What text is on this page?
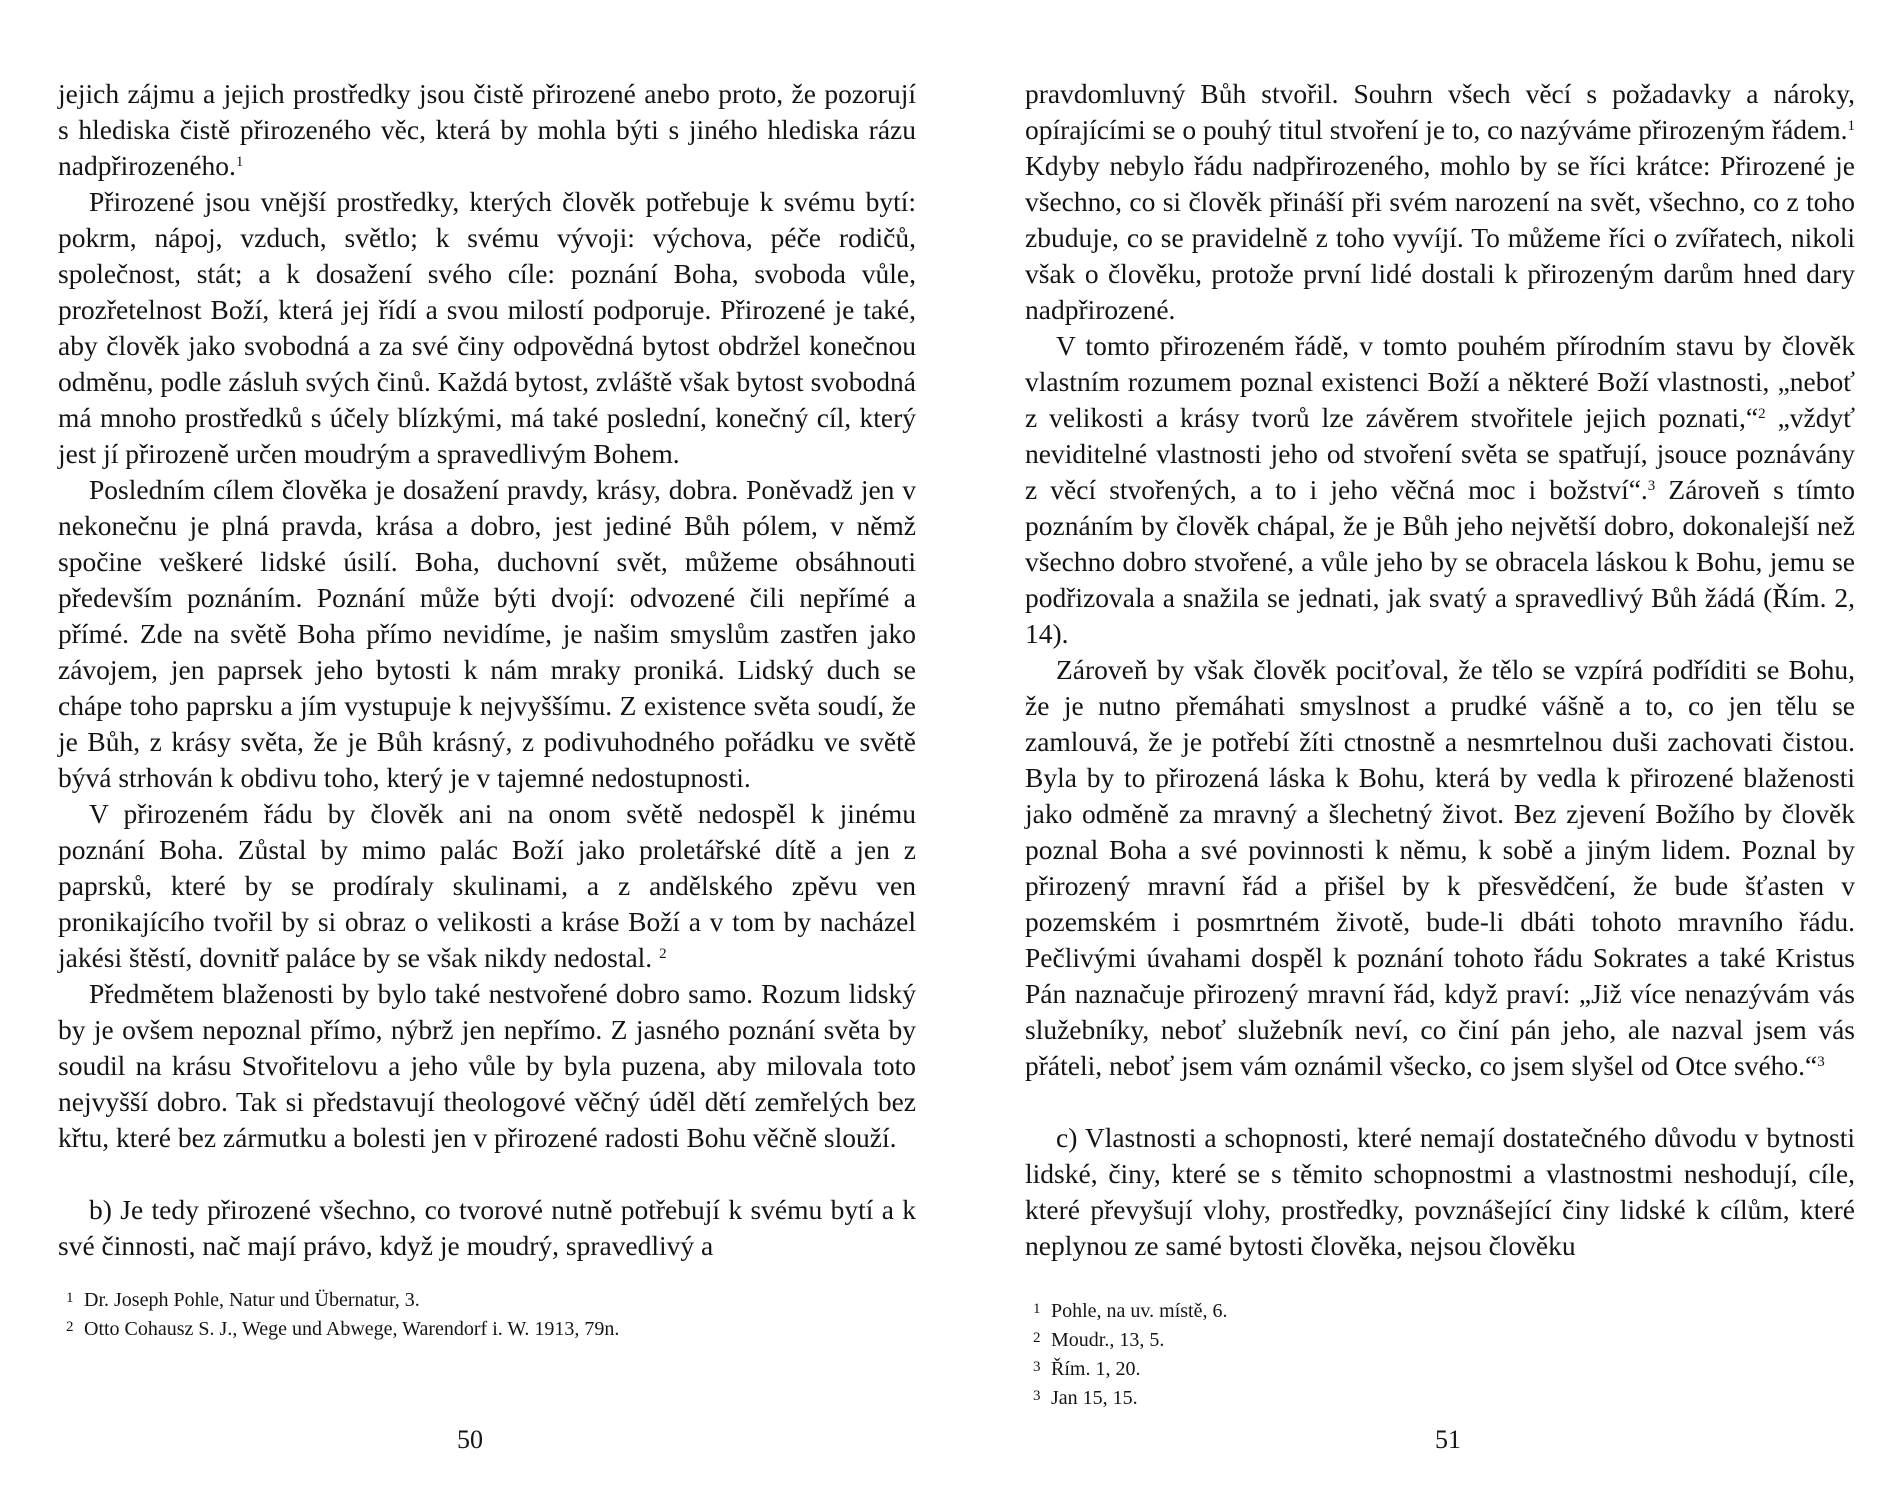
jejich zájmu a jejich prostředky jsou čistě přirozené anebo proto, že pozorují s hlediska čistě přirozeného věc, která by mohla býti s jiného hlediska rázu nadpřirozeného.$^1$

Přirozené jsou vnější prostředky, kterých člověk potřebuje k svému bytí: pokrm, nápoj, vzduch, světlo; k svému vývoji: výchova, péče rodičů, společnost, stát; a k dosažení svého cíle: poznání Boha, svoboda vůle, prozřetelnost Boží, která jej řídí a svou milostí podporuje. Přirozené je také, aby člověk jako svobodná a za své činy odpovědná bytost obdržel konečnou odměnu, podle zásluh svých činů. Každá bytost, zvláště však bytost svobodná má mnoho prostředků s účely blízkými, má také poslední, konečný cíl, který jest jí přirozeně určen moudrým a spravedlivým Bohem.

Posledním cílem člověka je dosažení pravdy, krásy, dobra. Poněvadž jen v nekonečnu je plná pravda, krása a dobro, jest jediné Bůh pólem, v němž spočine veškeré lidské úsilí. Boha, duchovní svět, můžeme obsáhnouti především poznáním. Poznání může býti dvojí: odvozené čili nepřímé a přímé. Zde na světě Boha přímo nevidíme, je našim smyslům zastřen jako závojem, jen paprsek jeho bytosti k nám mraky proniká. Lidský duch se chápe toho paprsku a jím vystupuje k nejvyššímu. Z existence světa soudí, že je Bůh, z krásy světa, že je Bůh krásný, z podivuhodného pořádku ve světě bývá strhován k obdivu toho, který je v tajemné nedostupnosti.

V přirozeném řádu by člověk ani na onom světě nedospěl k jinému poznání Boha. Zůstal by mimo palác Boží jako proletářské dítě a jen z paprsků, které by se prodíraly skulinami, a z andělského zpěvu ven pronikajícího tvořil by si obraz o velikosti a kráse Boží a v tom by nacházel jakési štěstí, dovnitř paláce by se však nikdy nedostal. $^2$

Předmětem blaženosti by bylo také nestvořené dobro samo. Rozum lidský by je ovšem nepoznal přímo, nýbrž jen nepřímo. Z jasného poznání světa by soudil na krásu Stvořitelovu a jeho vůle by byla puzena, aby milovala toto nejvyšší dobro. Tak si představují theologové věčný úděl dětí zemřelých bez křtu, které bez zármutku a bolesti jen v přirozené radosti Bohu věčně slouží.

b) Je tedy přirozené všechno, co tvorové nutně potřebují k svému bytí a k své činnosti, nač mají právo, když je moudrý, spravedlivý a

1 Dr. Joseph Pohle, Natur und Übernatur, 3.

2 Otto Cohausz S. J., Wege und Abwege, Warendorf i. W. 1913, 79n.

50

pravdomluvný Bůh stvořil. Souhrn všech věcí s požadavky a nároky, opírajícími se o pouhý titul stvoření je to, co nazýváme přirozeným řádem.$^1$ Kdyby nebylo řádu nadpřirozeného, mohlo by se říci krátce: Přirozené je všechno, co si člověk přináší při svém narození na svět, všechno, co z toho zbuduje, co se pravidelně z toho vyvíjí. To můžeme říci o zvířatech, nikoli však o člověku, protože první lidé dostali k přirozeným darům hned dary nadpřirozené.

V tomto přirozeném řádě, v tomto pouhém přírodním stavu by člověk vlastním rozumem poznal existenci Boží a některé Boží vlastnosti, „neboť z velikosti a krásy tvorů lze závěrem stvořitele jejich poznati,“$^2$ „vždyť neviditelné vlastnosti jeho od stvoření světa se spatřují, jsouce poznávány z věcí stvořených, a to i jeho věčná moc i božství“.$^3$ Zároveň s tímto poznáním by člověk chápal, že je Bůh jeho největší dobro, dokonalejší než všechno dobro stvořené, a vůle jeho by se obracela láskou k Bohu, jemu se podřizovala a snažila se jednati, jak svatý a spravedlivý Bůh žádá (Řím. 2, 14).

Zároveň by však člověk pociťoval, že tělo se vzpírá podříditi se Bohu, že je nutno přemáhati smyslnost a prudké vášně a to, co jen tělu se zamlouvá, že je potřebí žíti ctnostně a nesmrtelnou duši zachovati čistou. Byla by to přirozená láska k Bohu, která by vedla k přirozené blaženosti jako odměně za mravný a šlechetný život. Bez zjevení Božího by člověk poznal Boha a své povinnosti k němu, k sobě a jiným lidem. Poznal by přirozený mravní řád a přišel by k přesvědčení, že bude šťasten v pozemském i posmrtném životě, bude-li dbáti tohoto mravního řádu. Pečlivými úvahami dospěl k poznání tohoto řádu Sokrates a také Kristus Pán naznačuje přirozený mravní řád, když praví: „Již více nenazývám vás služebníky, neboť služebník neví, co činí pán jeho, ale nazval jsem vás přáteli, neboť jsem vám oznámil všecko, co jsem slyšel od Otce svého.“$^3$

c) Vlastnosti a schopnosti, které nemají dostatečného důvodu v bytnosti lidské, činy, které se s těmito schopnostmi a vlastnostmi neshodují, cíle, které převyšují vlohy, prostředky, povznášející činy lidské k cílům, které neplynou ze samé bytosti člověka, nejsou člověku

1 Pohle, na uv. místě, 6.

2 Moudr., 13, 5.

3 Řím. 1, 20.

3 Jan 15, 15.

51
